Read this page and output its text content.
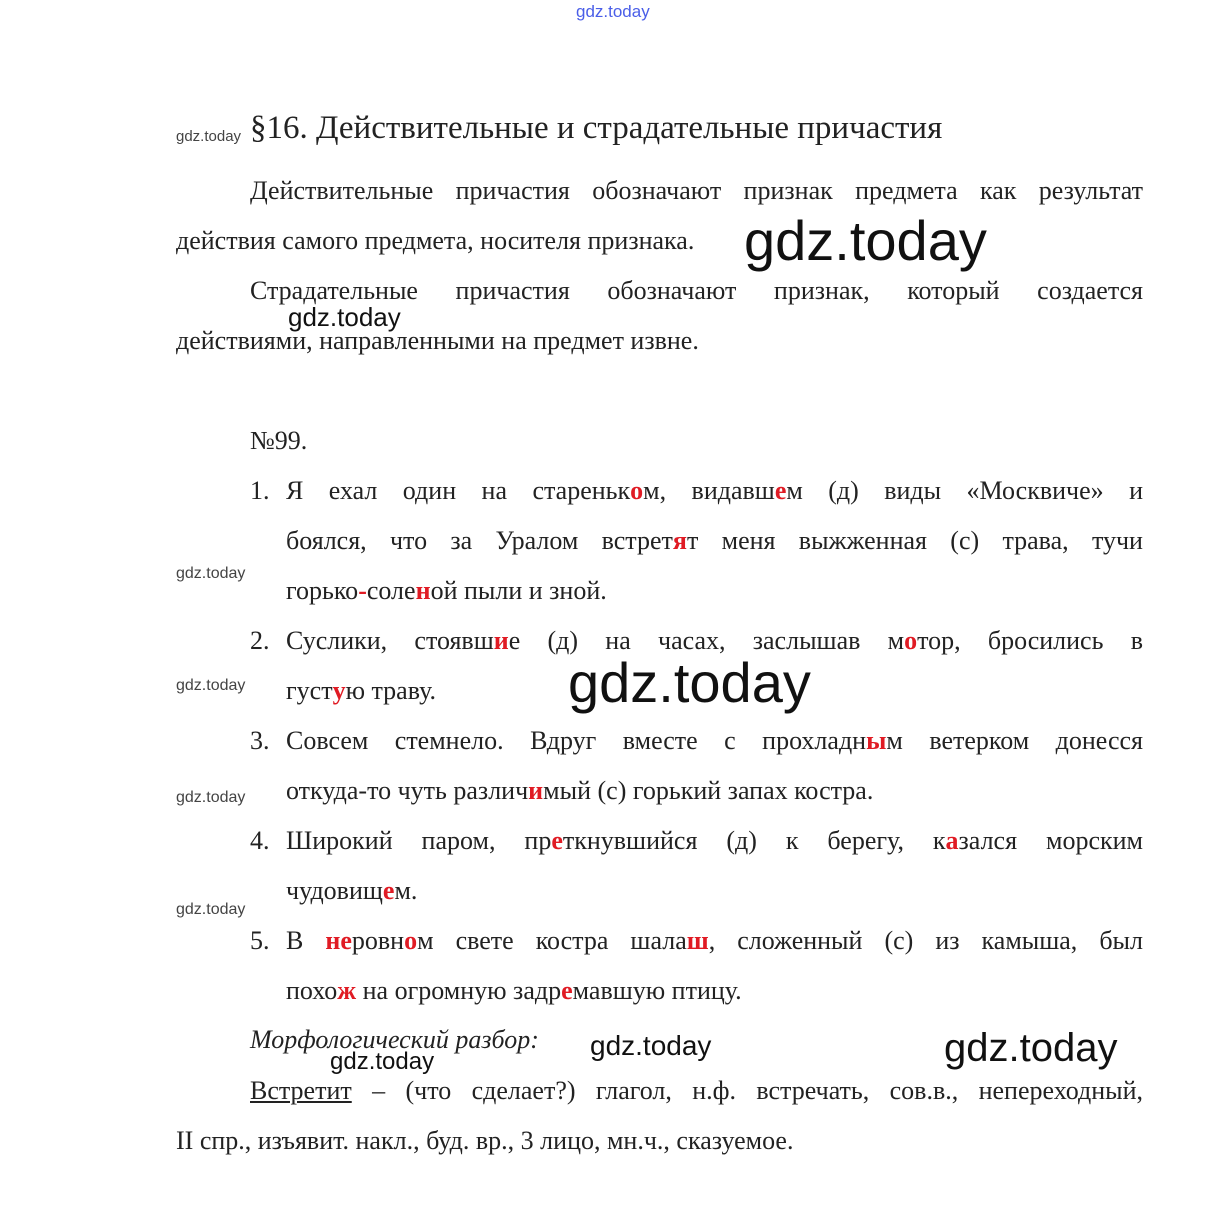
gdz.today
gdz.today
gdz.today
gdz.today
gdz.today
gdz.today	gdz.today
gdz.today
gdz.today
gdz.today
gdz.today	gdz.today
§16. Действительные и страдательные причастия
Действительные причастия обозначают признак предмета как результат
действия самого предмета, носителя признака.
Страдательные причастия обозначают признак, который создается
действиями, направленными на предмет извне.
№99.
1. Я ехал один на стареньком, видавшем (д) виды «Москвиче» и
боялся, что за Уралом встретят меня выжженная (с) трава, тучи
горько-соленой пыли и зной.
2. Суслики, стоявшие (д) на часах, заслышав мотор, бросились в
густую траву.
3. Совсем стемнело. Вдруг вместе с прохладным ветерком донесся
откуда-то чуть различимый (с) горький запах костра.
4. Широкий паром, преткнувшийся (д) к берегу, казался морским
чудовищем.
5. В неровном свете костра шалаш, сложенный (с) из камыша, был
похож на огромную задремавшую птицу.
Морфологический разбор:
Встретит – (что сделает?) глагол, н.ф. встречать, сов.в., непереходный,
II спр., изъявит. накл., буд. вр., 3 лицо, мн.ч., сказуемое.
